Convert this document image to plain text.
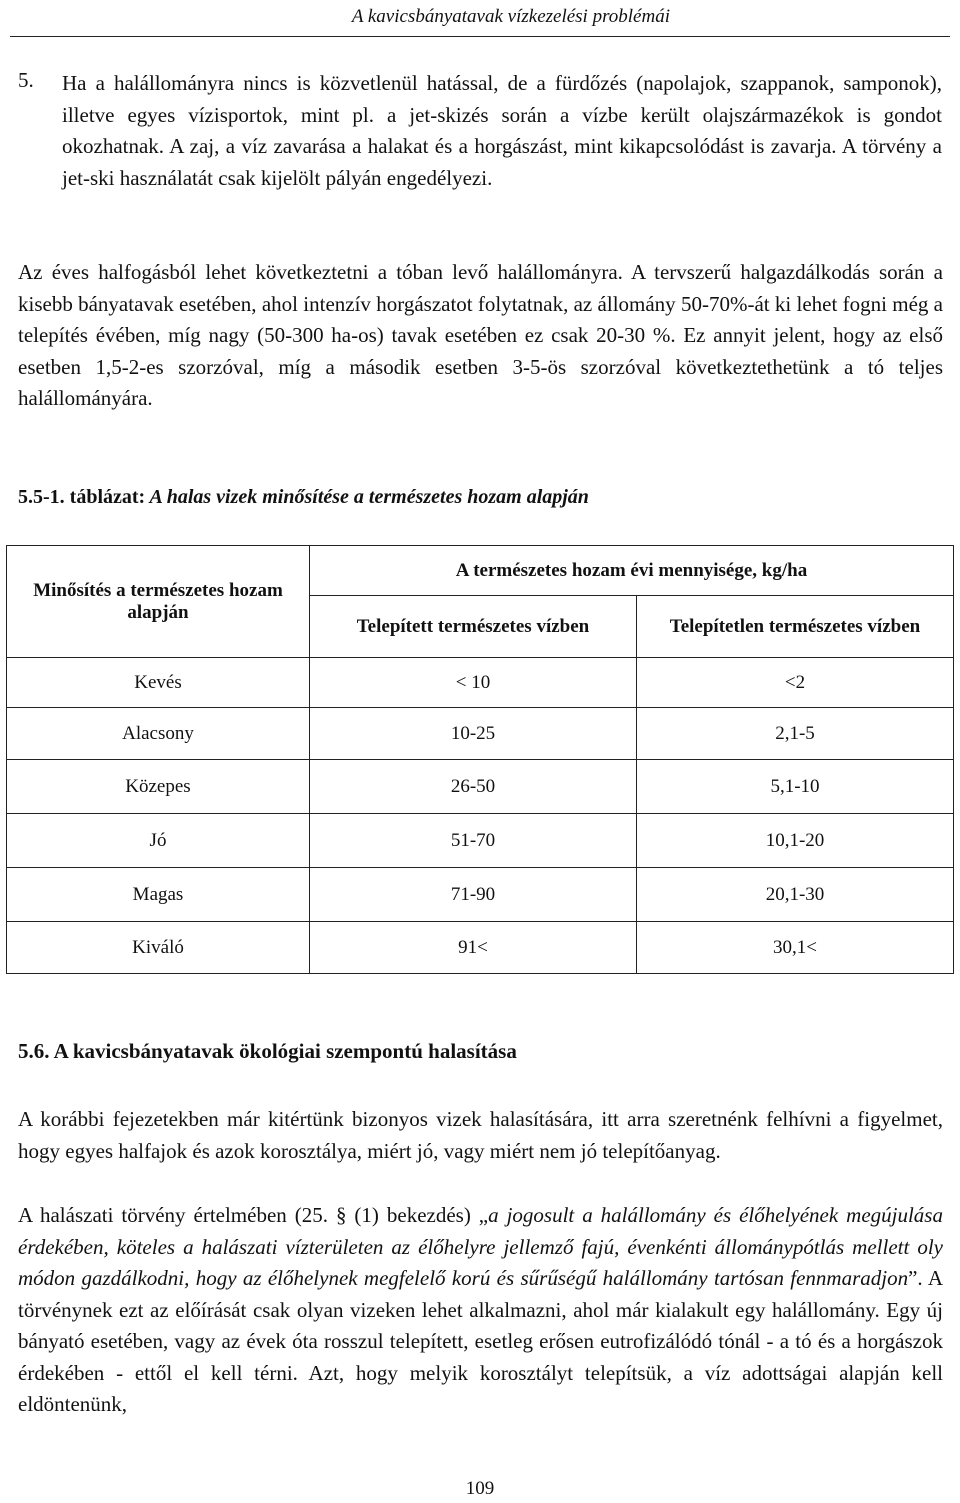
A kavicsbányatavak vízkezelési problémái
5. Ha a halállományra nincs is közvetlenül hatással, de a fürdőzés (napolajok, szappanok, samponok), illetve egyes vízisportok, mint pl. a jet-skizés során a vízbe került olajszármazékok is gondot okozhatnak. A zaj, a víz zavarása a halakat és a horgászást, mint kikapcsolódást is zavarja. A törvény a jet-ski használatát csak kijelölt pályán engedélyezi.

Az éves halfogásból lehet következtetni a tóban levő halállományra. A tervszerű halgazdálkodás során a kisebb bányatavak esetében, ahol intenzív horgászatot folytatnak, az állomány 50-70%-át ki lehet fogni még a telepítés évében, míg nagy (50-300 ha-os) tavak esetében ez csak 20-30 %. Ez annyit jelent, hogy az első esetben 1,5-2-es szorzóval, míg a második esetben 3-5-ös szorzóval következtethetünk a tó teljes halállományára.

5.5-1. táblázat: A halas vizek minősítése a természetes hozam alapján
Minősítés a természetes hozam alapján	A természetes hozam évi mennyisége, kg/ha	
	Telepített természetes vízben	Telepítetlen természetes vízben
Kevés	< 10	<2
Alacsony	10-25	2,1-5
Közepes	26-50	5,1-10
Jó	51-70	10,1-20
Magas	71-90	20,1-30
Kiváló	91<	30,1<
5.6. A kavicsbányatavak ökológiai szempontú halasítása

A korábbi fejezetekben már kitértünk bizonyos vizek halasítására, itt arra szeretnénk felhívni a figyelmet, hogy egyes halfajok és azok korosztálya, miért jó, vagy miért nem jó telepítőanyag.

A halászati törvény értelmében (25. § (1) bekezdés) „a jogosult a halállomány és élőhelyének megújulása érdekében, köteles a halászati vízterületen az élőhelyre jellemző fajú, évenkénti állománypótlás mellett oly módon gazdálkodni, hogy az élőhelynek megfelelő korú és sűrűségű halállomány tartósan fennmaradjon”. A törvénynek ezt az előírását csak olyan vizeken lehet alkalmazni, ahol már kialakult egy halállomány. Egy új bányató esetében, vagy az évek óta rosszul telepített, esetleg erősen eutrofizálódó tónál - a tó és a horgászok érdekében - ettől el kell térni. Azt, hogy melyik korosztályt telepítsük, a víz adottságai alapján kell eldöntenünk,

109
